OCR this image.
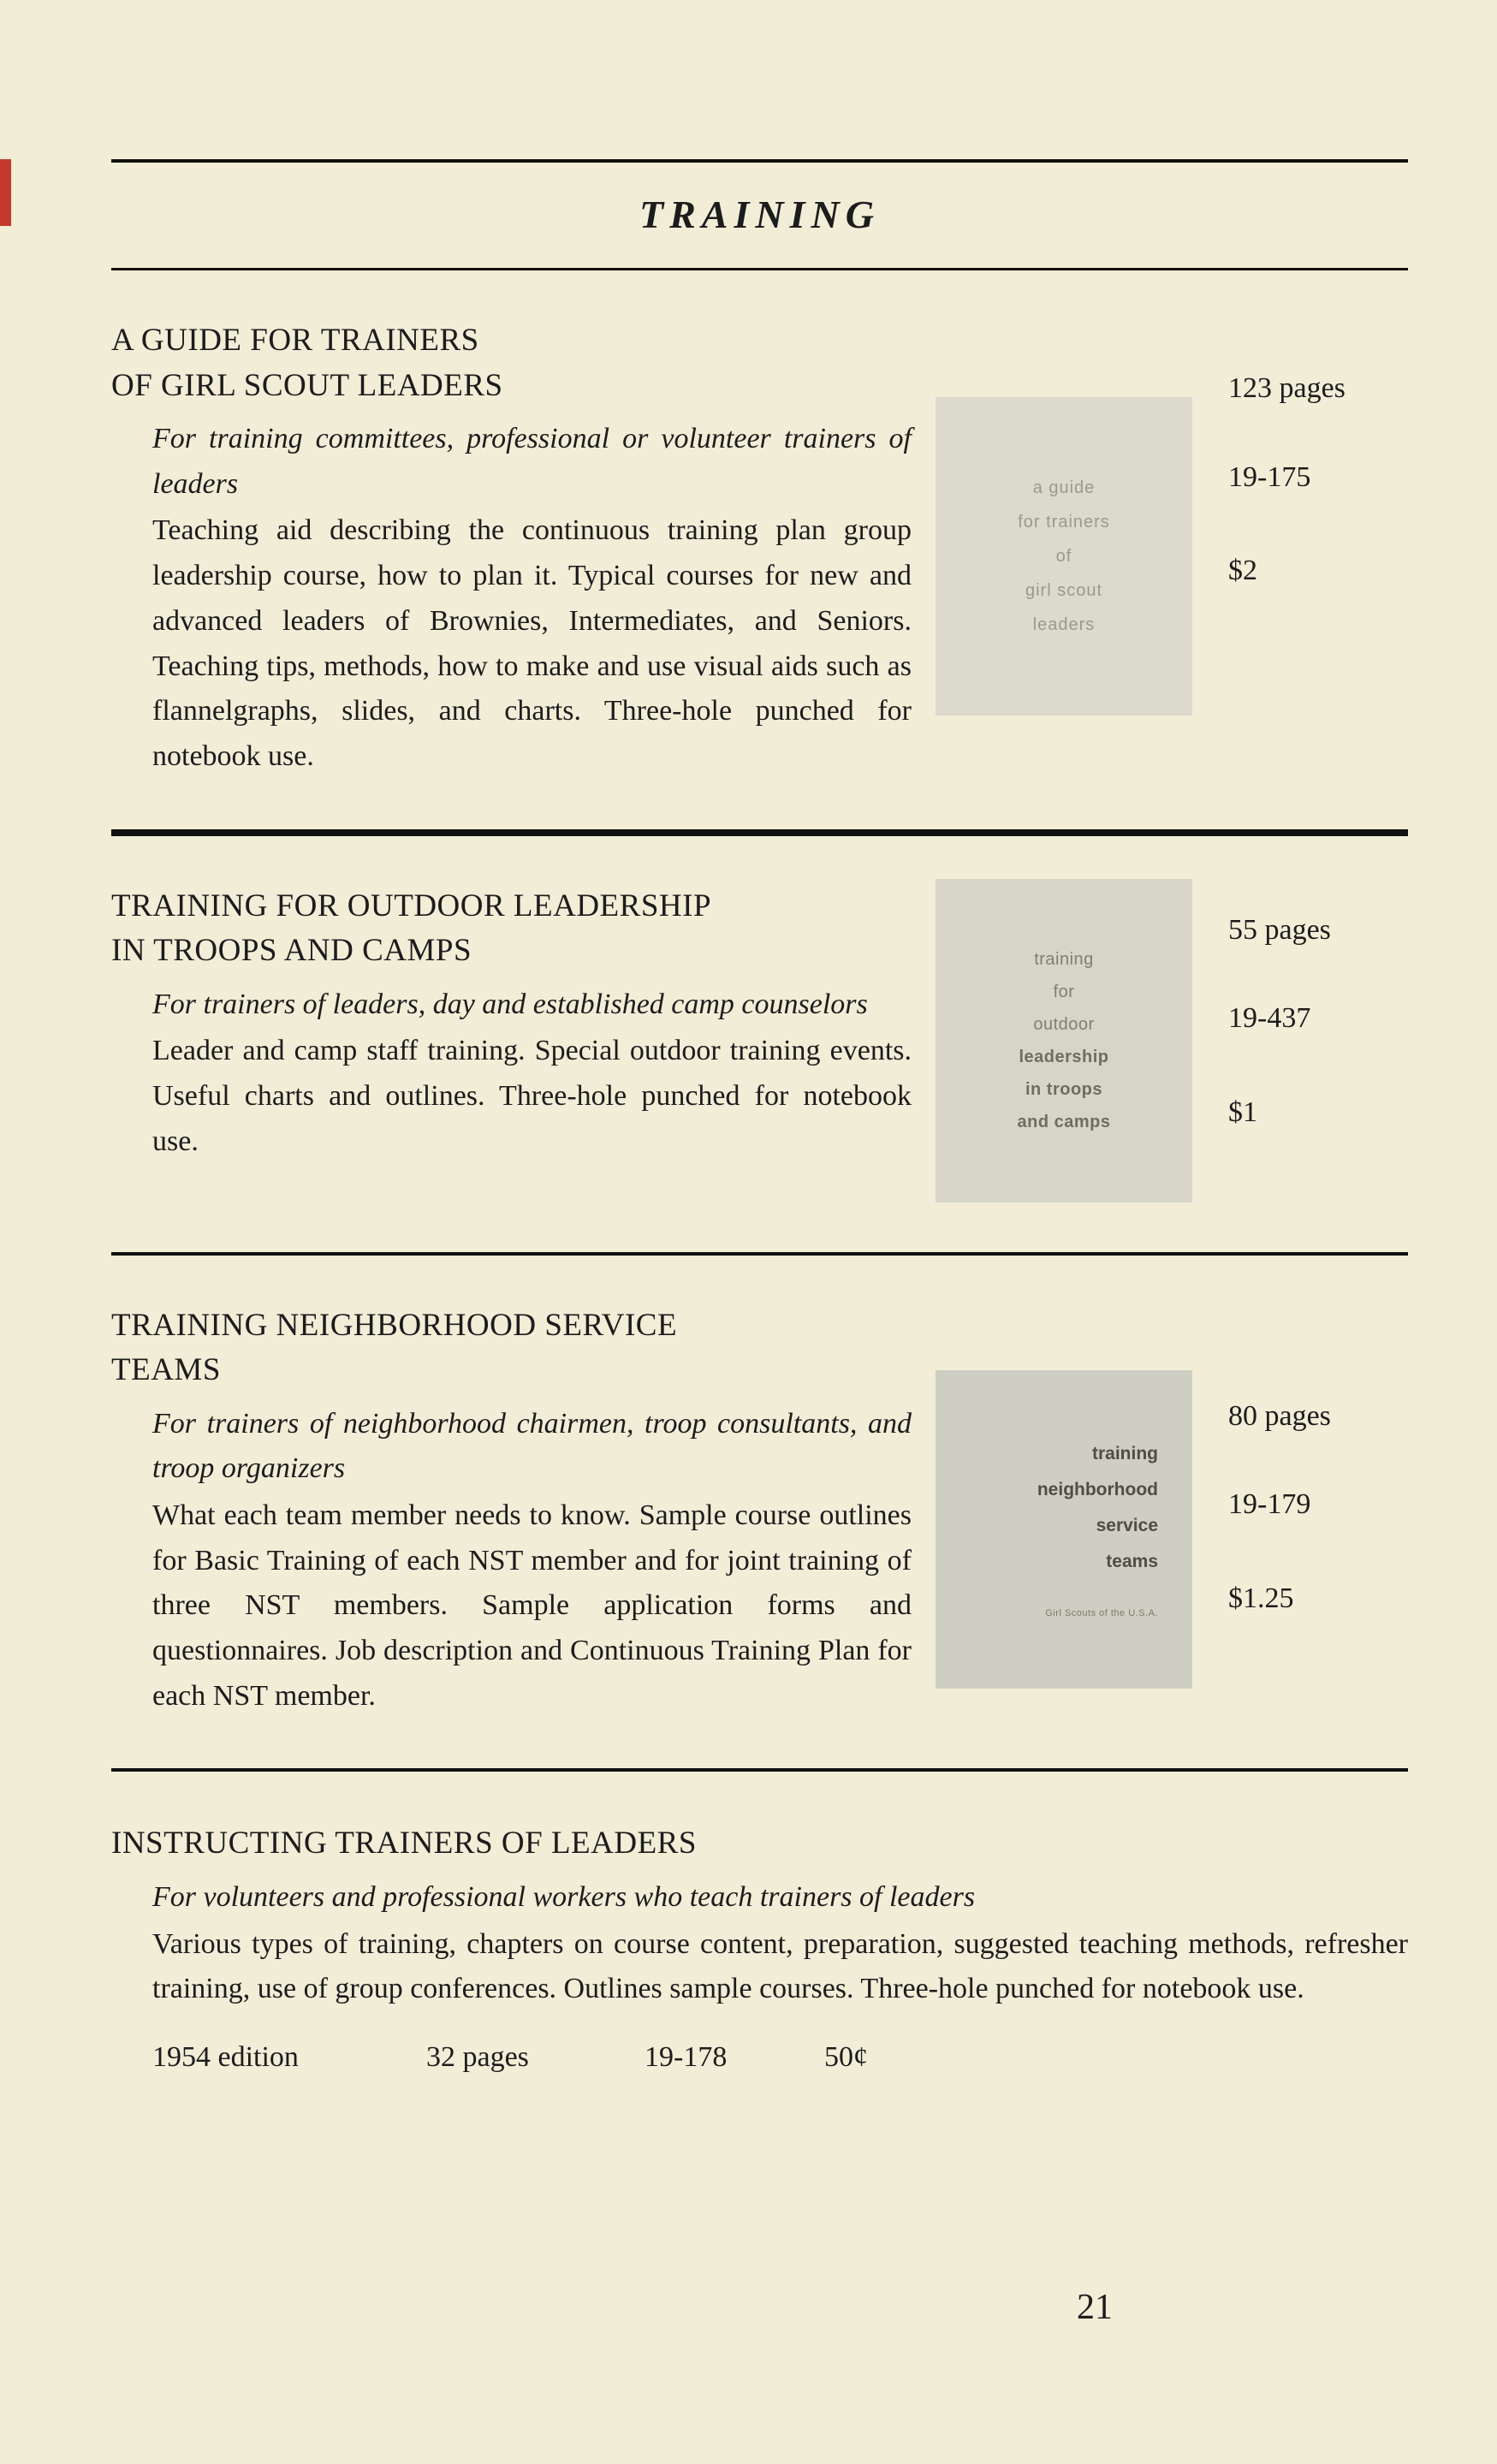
TRAINING
A GUIDE FOR TRAINERS
OF GIRL SCOUT LEADERS
For training committees, professional or volunteer trainers of leaders
Teaching aid describing the continuous training plan group leadership course, how to plan it. Typical courses for new and advanced leaders of Brownies, Intermediates, and Seniors. Teaching tips, methods, how to make and use visual aids such as flannelgraphs, slides, and charts. Three-hole punched for notebook use.
a guide
for trainers
of
girl scout
leaders
123 pages
19-175
$2
TRAINING FOR OUTDOOR LEADERSHIP
IN TROOPS AND CAMPS
For trainers of leaders, day and established camp counselors
Leader and camp staff training. Special outdoor training events. Useful charts and outlines. Three-hole punched for notebook use.
training
for
outdoor
leadership
in troops
and camps
55 pages
19-437
$1
TRAINING NEIGHBORHOOD SERVICE
TEAMS
For trainers of neighborhood chairmen, troop consultants, and troop organizers
What each team member needs to know. Sample course outlines for Basic Training of each NST member and for joint training of three NST members. Sample application forms and questionnaires. Job description and Continuous Training Plan for each NST member.
training
neighborhood
service
teams
Girl Scouts of the U.S.A.
80 pages
19-179
$1.25
INSTRUCTING TRAINERS OF LEADERS
For volunteers and professional workers who teach trainers of leaders
Various types of training, chapters on course content, preparation, suggested teaching methods, refresher training, use of group conferences. Outlines sample courses. Three-hole punched for notebook use.
1954 edition	32 pages	19-178	50¢
21
